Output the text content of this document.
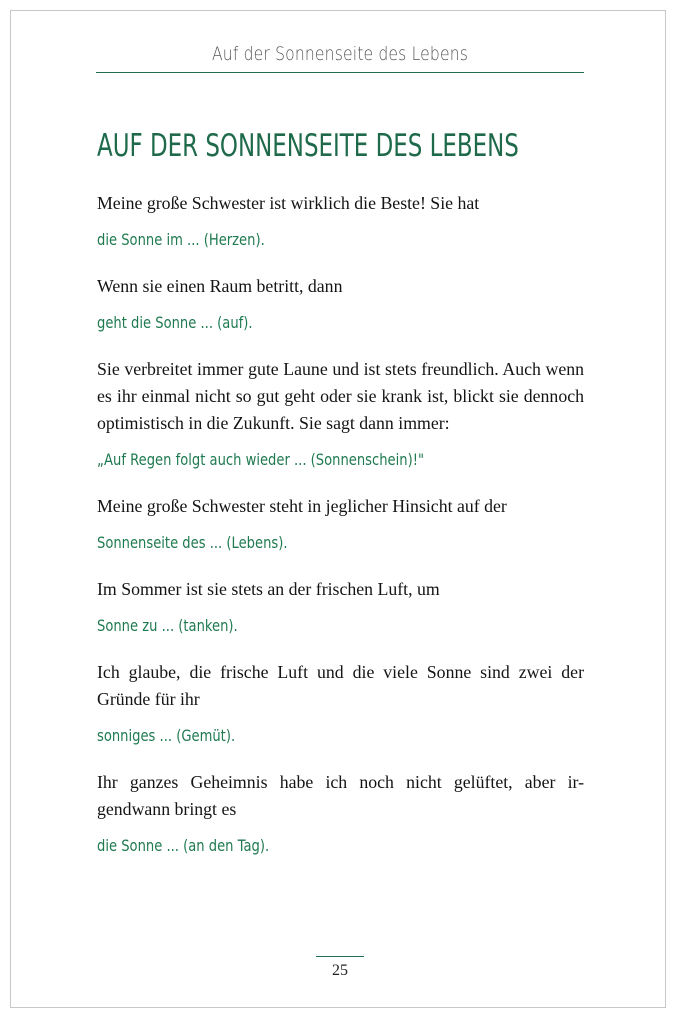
Auf der Sonnenseite des Lebens
AUF DER SONNENSEITE DES LEBENS

Meine große Schwester ist wirklich die Beste! Sie hat

die Sonne im ... (Herzen).

Wenn sie einen Raum betritt, dann

geht die Sonne ... (auf).

Sie verbreitet immer gute Laune und ist stets freundlich. Auch wenn es ihr einmal nicht so gut geht oder sie krank ist, blickt sie dennoch optimistisch in die Zukunft. Sie sagt dann immer:

„Auf Regen folgt auch wieder ... (Sonnenschein)!"

Meine große Schwester steht in jeglicher Hinsicht auf der

Sonnenseite des ... (Lebens).

Im Sommer ist sie stets an der frischen Luft, um

Sonne zu ... (tanken).

Ich glaube, die frische Luft und die viele Sonne sind zwei der Gründe für ihr

sonniges ... (Gemüt).

Ihr ganzes Geheimnis habe ich noch nicht gelüftet, aber ir-gendwann bringt es

die Sonne ... (an den Tag).

25
